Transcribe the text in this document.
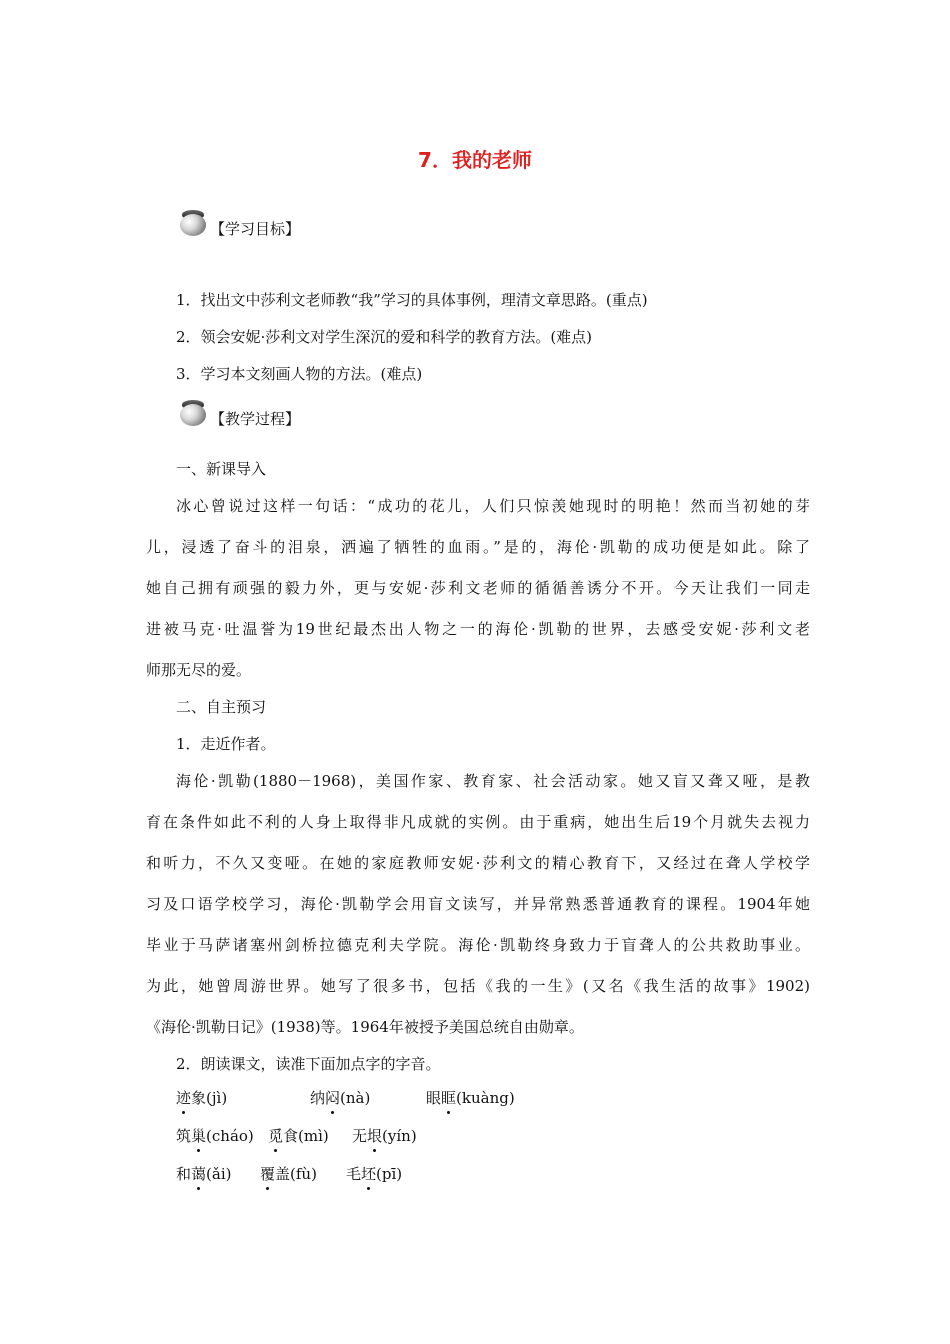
7．我的老师
【学习目标】
1．找出文中莎利文老师教“我”学习的具体事例，理清文章思路。(重点)
2．领会安妮·莎利文对学生深沉的爱和科学的教育方法。(难点)
3．学习本文刻画人物的方法。(难点)
【教学过程】
一、新课导入
冰心曾说过这样一句话：“成功的花儿，人们只惊羡她现时的明艳！然而当初她的芽
儿，浸透了奋斗的泪泉，洒遍了牺牲的血雨。”是的，海伦·凯勒的成功便是如此。除了
她自己拥有顽强的毅力外，更与安妮·莎利文老师的循循善诱分不开。今天让我们一同走
进被马克·吐温誉为19世纪最杰出人物之一的海伦·凯勒的世界，去感受安妮·莎利文老
师那无尽的爱。
二、自主预习
1．走近作者。
海伦·凯勒(1880－1968)，美国作家、教育家、社会活动家。她又盲又聋又哑，是教
育在条件如此不利的人身上取得非凡成就的实例。由于重病，她出生后19个月就失去视力
和听力，不久又变哑。在她的家庭教师安妮·莎利文的精心教育下，又经过在聋人学校学
习及口语学校学习，海伦·凯勒学会用盲文读写，并异常熟悉普通教育的课程。1904年她
毕业于马萨诸塞州剑桥拉德克利夫学院。海伦·凯勒终身致力于盲聋人的公共救助事业。
为此，她曾周游世界。她写了很多书，包括《我的一生》(又名《我生活的故事》1902)
《海伦·凯勒日记》(1938)等。1964年被授予美国总统自由勋章。
2．朗读课文，读准下面加点字的字音。
迹象(jì)	纳闷(nà)	眼眶(kuàng)
筑巢(cháo) 觅食(mì) 无垠(yín)
和蔼(ǎi) 覆盖(fù) 毛坯(pī)
